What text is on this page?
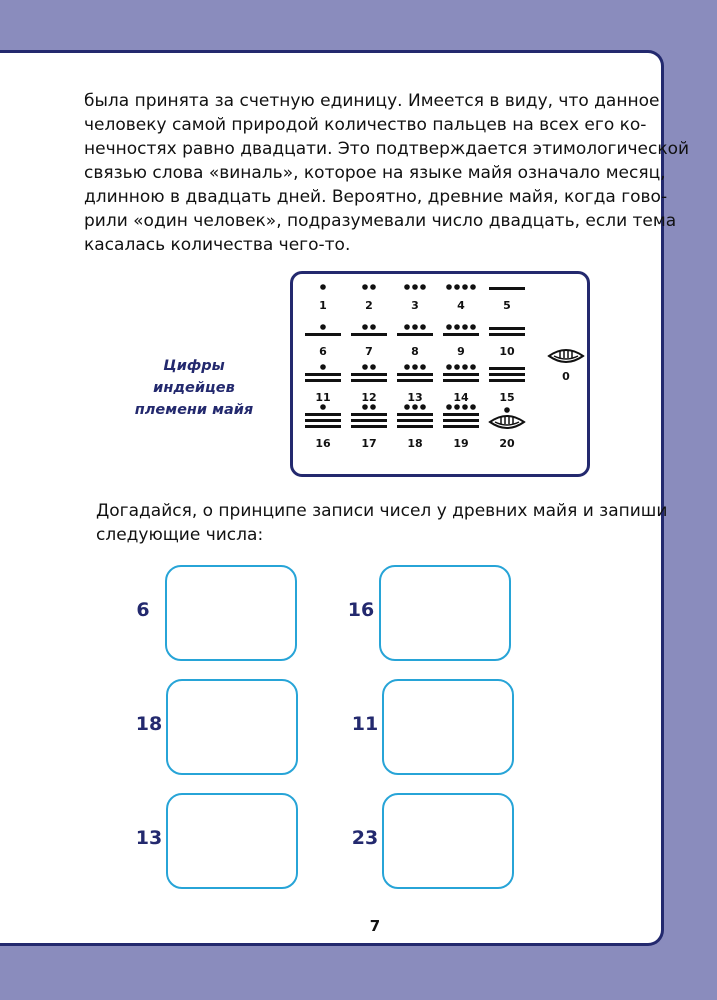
была принята за счетную единицу. Имеется в виду, что данное
человеку самой природой количество пальцев на всех его ко-
нечностях равно двадцати. Это подтверждается этимологической
связью слова «виналь», которое на языке майя означало месяц,
длинною в двадцать дней. Вероятно, древние майя, когда гово-
рили «один человек», подразумевали число двадцать, если тема
касалась количества чего-то.
Цифры индейцев
племени майя
1	2	3	4	5
6	7	8	9	10
11	12	13	14	15
16	17	18	19	20
0
Догадайся, о принципе записи чисел у древних майя и запиши
следующие числа:
6	16
18	11
13	23
7
